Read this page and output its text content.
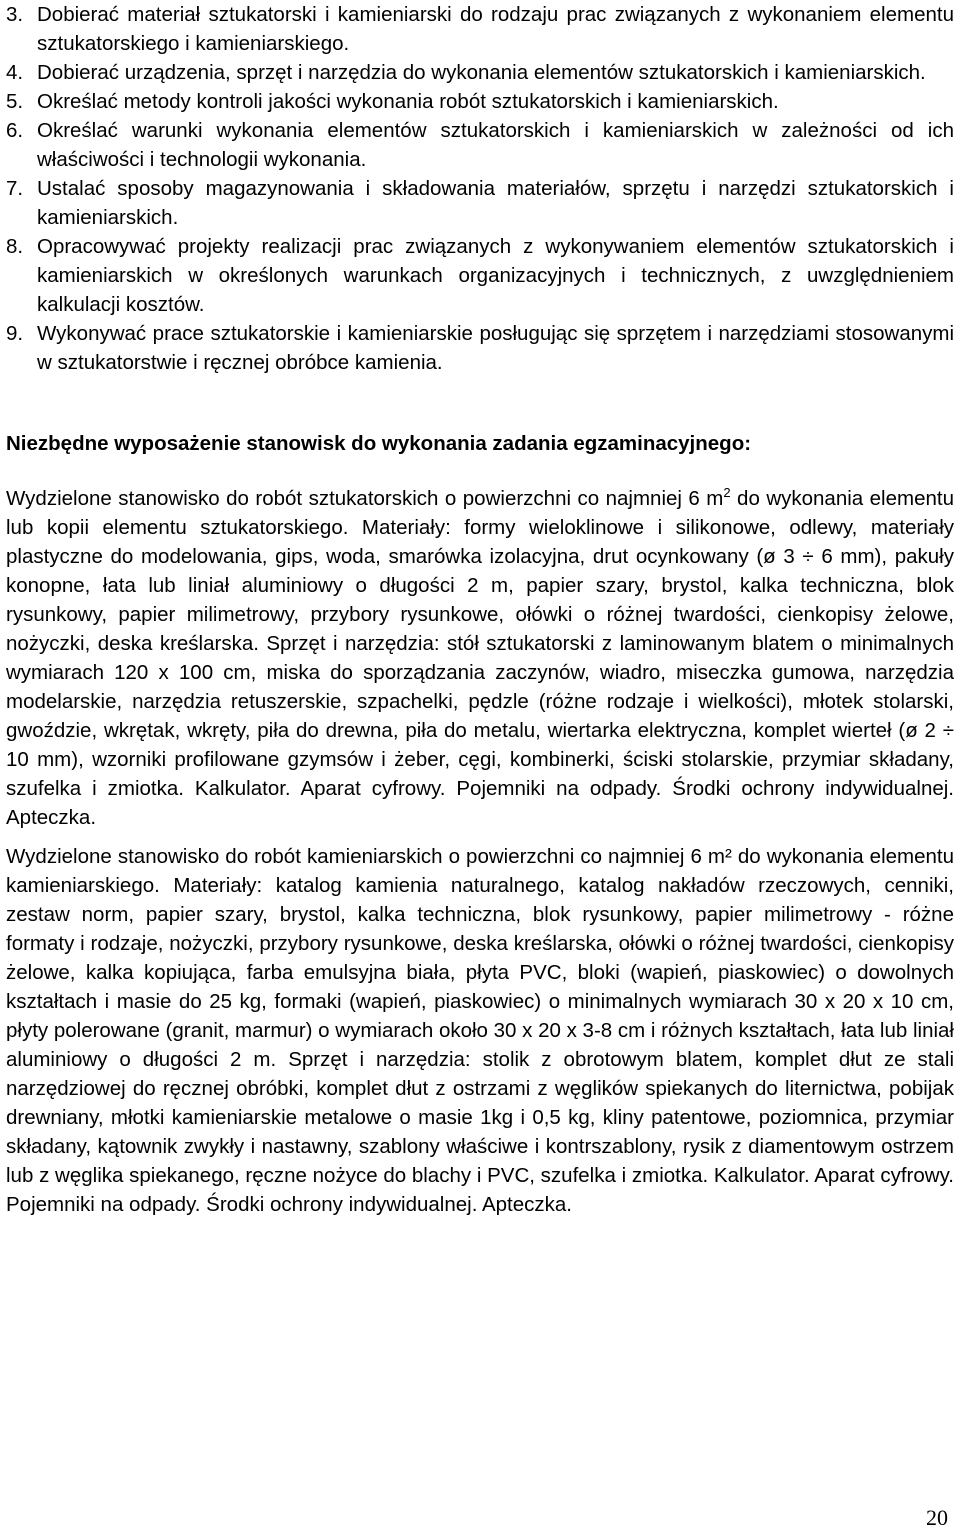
3. Dobierać materiał sztukatorski i kamieniarski do rodzaju prac związanych z wykonaniem elementu sztukatorskiego i kamieniarskiego.
4. Dobierać urządzenia, sprzęt i narzędzia do wykonania elementów sztukatorskich i kamieniarskich.
5. Określać metody kontroli jakości wykonania robót sztukatorskich i kamieniarskich.
6. Określać warunki wykonania elementów sztukatorskich i kamieniarskich w zależności od ich właściwości i technologii wykonania.
7. Ustalać sposoby magazynowania i składowania materiałów, sprzętu i narzędzi sztukatorskich i kamieniarskich.
8. Opracowywać projekty realizacji prac związanych z wykonywaniem elementów sztukatorskich i kamieniarskich w określonych warunkach organizacyjnych i technicznych, z uwzględnieniem kalkulacji kosztów.
9. Wykonywać prace sztukatorskie i kamieniarskie posługując się sprzętem i narzędziami stosowanymi w sztukatorstwie i ręcznej obróbce kamienia.
Niezbędne wyposażenie stanowisk do wykonania zadania egzaminacyjnego:

Wydzielone stanowisko do robót sztukatorskich o powierzchni co najmniej 6 $m^2$ do wykonania elementu lub kopii elementu sztukatorskiego. Materiały: formy wieloklinowe i silikonowe, odlewy, materiały plastyczne do modelowania, gips, woda, smarówka izolacyjna, drut ocynkowany (ø 3 ÷ 6 mm), pakuły konopne, łata lub liniał aluminiowy o długości 2 m, papier szary, brystol, kalka techniczna, blok rysunkowy, papier milimetrowy, przybory rysunkowe, ołówki o różnej twardości, cienkopisy żelowe, nożyczki, deska kreślarska. Sprzęt i narzędzia: stół sztukatorski z laminowanym blatem o minimalnych wymiarach 120 x 100 cm, miska do sporządzania zaczynów, wiadro, miseczka gumowa, narzędzia modelarskie, narzędzia retuszerskie, szpachelki, pędzle (różne rodzaje i wielkości), młotek stolarski, gwoździe, wkrętak, wkręty, piła do drewna, piła do metalu, wiertarka elektryczna, komplet wierteł (ø 2 ÷ 10 mm), wzorniki profilowane gzymsów i żeber, cęgi, kombinerki, ściski stolarskie, przymiar składany, szufelka i zmiotka. Kalkulator. Aparat cyfrowy. Pojemniki na odpady. Środki ochrony indywidualnej. Apteczka.

Wydzielone stanowisko do robót kamieniarskich o powierzchni co najmniej 6 m² do wykonania elementu kamieniarskiego. Materiały: katalog kamienia naturalnego, katalog nakładów rzeczowych, cenniki, zestaw norm, papier szary, brystol, kalka techniczna, blok rysunkowy, papier milimetrowy - różne formaty i rodzaje, nożyczki, przybory rysunkowe, deska kreślarska, ołówki o różnej twardości, cienkopisy żelowe, kalka kopiująca, farba emulsyjna biała, płyta PVC, bloki (wapień, piaskowiec) o dowolnych kształtach i masie do 25 kg, formaki (wapień, piaskowiec) o minimalnych wymiarach 30 x 20 x 10 cm, płyty polerowane (granit, marmur) o wymiarach około 30 x 20 x 3-8 cm i różnych kształtach, łata lub liniał aluminiowy o długości 2 m. Sprzęt i narzędzia: stolik z obrotowym blatem, komplet dłut ze stali narzędziowej do ręcznej obróbki, komplet dłut z ostrzami z węglików spiekanych do liternictwa, pobijak drewniany, młotki kamieniarskie metalowe o masie 1kg i 0,5 kg, kliny patentowe, poziomnica, przymiar składany, kątownik zwykły i nastawny, szablony właściwe i kontrszablony, rysik z diamentowym ostrzem lub z węglika spiekanego, ręczne nożyce do blachy i PVC, szufelka i zmiotka. Kalkulator. Aparat cyfrowy. Pojemniki na odpady. Środki ochrony indywidualnej. Apteczka.

20
